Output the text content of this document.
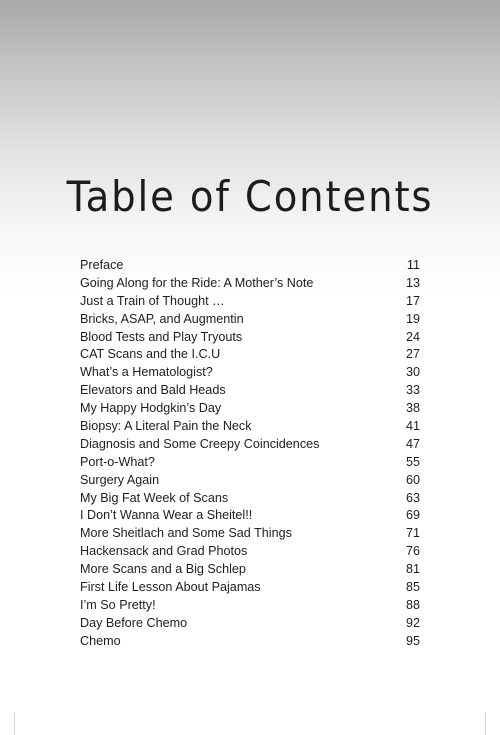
Table of Contents
Preface	11
Going Along for the Ride: A Mother’s Note	13
Just a Train of Thought …	17
Bricks, ASAP, and Augmentin	19
Blood Tests and Play Tryouts	24
CAT Scans and the I.C.U	27
What’s a Hematologist?	30
Elevators and Bald Heads	33
My Happy Hodgkin’s Day	38
Biopsy: A Literal Pain the Neck	41
Diagnosis and Some Creepy Coincidences	47
Port-o-What?	55
Surgery Again	60
My Big Fat Week of Scans	63
I Don’t Wanna Wear a Sheitel!!	69
More Sheitlach and Some Sad Things	71
Hackensack and Grad Photos	76
More Scans and a Big Schlep	81
First Life Lesson About Pajamas	85
I’m So Pretty!	88
Day Before Chemo	92
Chemo	95
